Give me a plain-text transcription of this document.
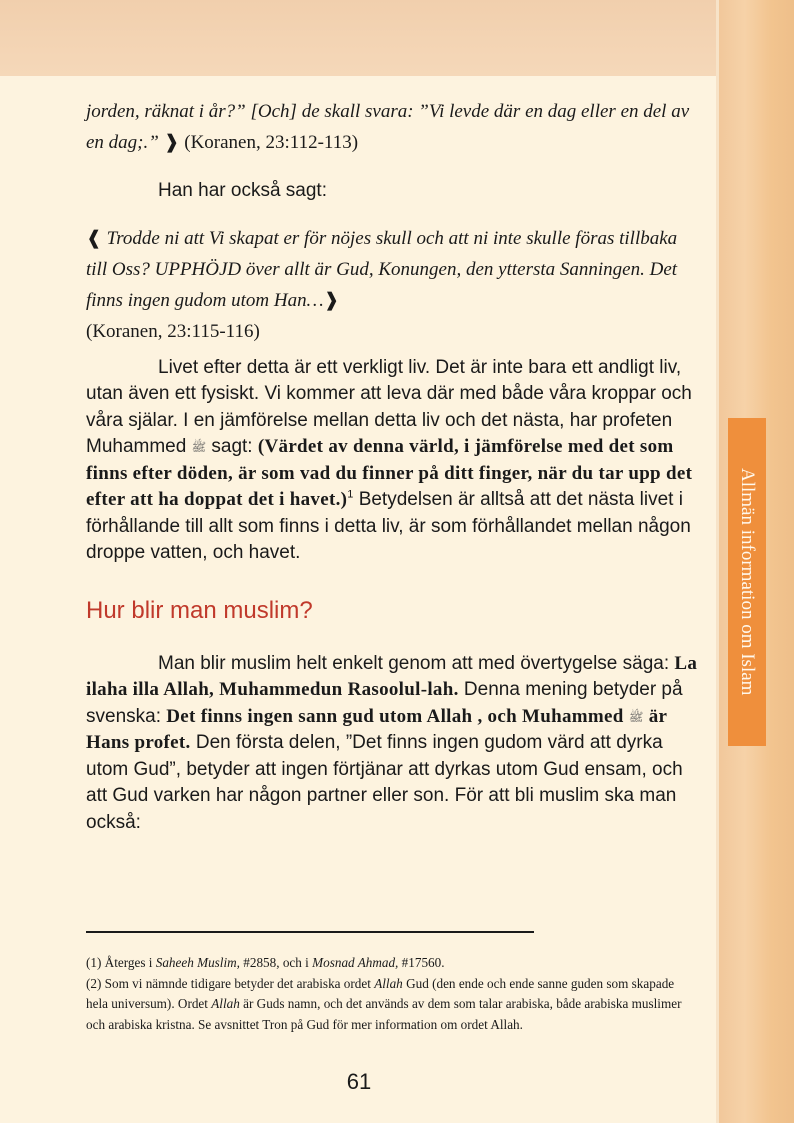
Allmän information om Islam

jorden, räknat i år?” [Och] de skall svara: ”Vi levde där en dag eller en del av en dag;.” ❱ (Koranen, 23:112-113)

Han har också sagt:

❰ Trodde ni att Vi skapat er för nöjes skull och att ni inte skulle föras tillbaka till Oss? UPPHÖJD över allt är Gud, Konungen, den yttersta Sanningen. Det finns ingen gudom utom Han…❱
(Koranen, 23:115-116)

Livet efter detta är ett verkligt liv. Det är inte bara ett andligt liv, utan även ett fysiskt. Vi kommer att leva där med både våra kroppar och våra själar. I en jämförelse mellan detta liv och det nästa, har profeten Muhammed ﷺ sagt: (Värdet av denna värld, i jämförelse med det som finns efter döden, är som vad du finner på ditt finger, när du tar upp det efter att ha doppat det i havet.)$^1$ Betydelsen är alltså att det nästa livet i förhållande till allt som finns i detta liv, är som förhållandet mellan någon droppe vatten, och havet.

Hur blir man muslim?

Man blir muslim helt enkelt genom att med övertygelse säga: La ilaha illa Allah, Muhammedun Rasoolul-lah. Denna mening betyder på svenska: Det finns ingen sann gud utom Allah , och Muhammed ﷺ är Hans profet. Den första delen, ”Det finns ingen gudom värd att dyrka utom Gud”, betyder att ingen förtjänar att dyrkas utom Gud ensam, och att Gud varken har någon partner eller son. För att bli muslim ska man också:

(1) Återges i Saheeh Muslim, #2858, och i Mosnad Ahmad, #17560.

(2) Som vi nämnde tidigare betyder det arabiska ordet Allah Gud (den ende och ende sanne guden som skapade hela universum). Ordet Allah är Guds namn, och det används av dem som talar arabiska, både arabiska muslimer och arabiska kristna. Se avsnittet Tron på Gud för mer information om ordet Allah.

61
